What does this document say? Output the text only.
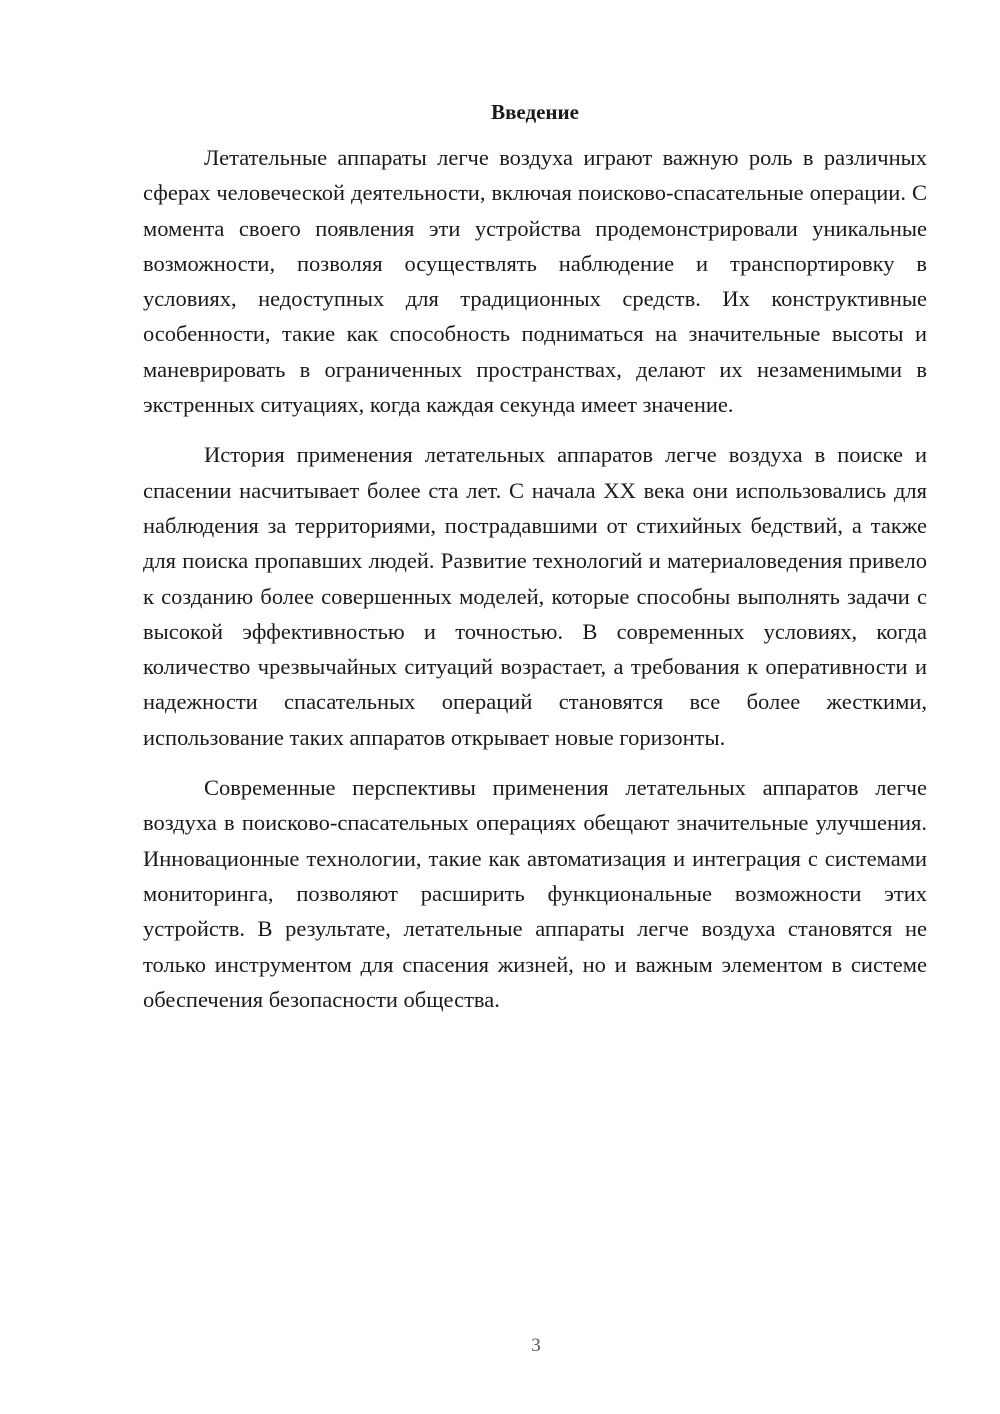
Введение

Летательные аппараты легче воздуха играют важную роль в различных сферах человеческой деятельности, включая поисково-спасательные операции. С момента своего появления эти устройства продемонстрировали уникальные возможности, позволяя осуществлять наблюдение и транспортировку в условиях, недоступных для традиционных средств. Их конструктивные особенности, такие как способность подниматься на значительные высоты и маневрировать в ограниченных пространствах, делают их незаменимыми в экстренных ситуациях, когда каждая секунда имеет значение.

История применения летательных аппаратов легче воздуха в поиске и спасении насчитывает более ста лет. С начала XX века они использовались для наблюдения за территориями, пострадавшими от стихийных бедствий, а также для поиска пропавших людей. Развитие технологий и материаловедения привело к созданию более совершенных моделей, которые способны выполнять задачи с высокой эффективностью и точностью. В современных условиях, когда количество чрезвычайных ситуаций возрастает, а требования к оперативности и надежности спасательных операций становятся все более жесткими, использование таких аппаратов открывает новые горизонты.

Современные перспективы применения летательных аппаратов легче воздуха в поисково-спасательных операциях обещают значительные улучшения. Инновационные технологии, такие как автоматизация и интеграция с системами мониторинга, позволяют расширить функциональные возможности этих устройств. В результате, летательные аппараты легче воздуха становятся не только инструментом для спасения жизней, но и важным элементом в системе обеспечения безопасности общества.

3
